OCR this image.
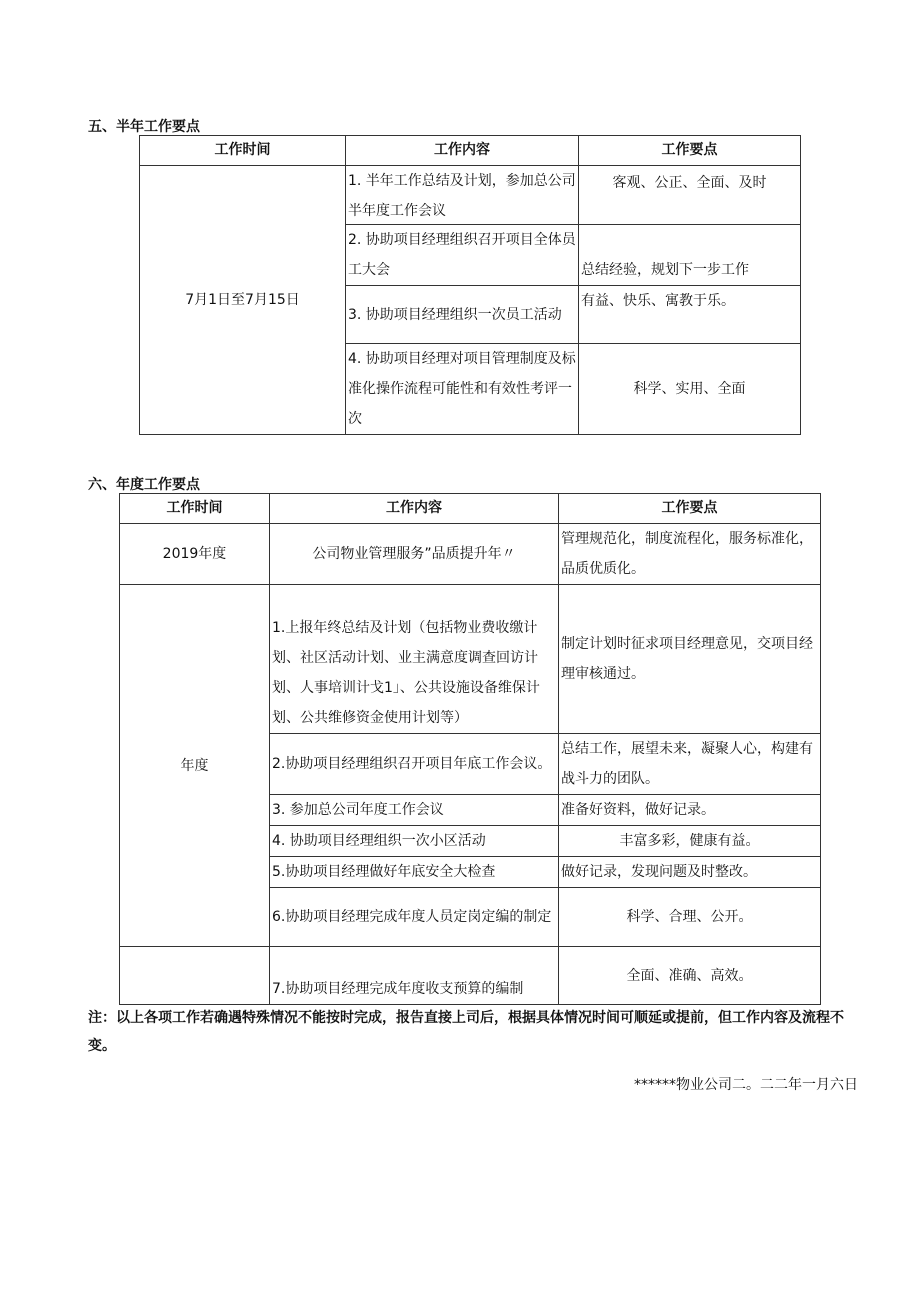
五、半年工作要点
工作时间	工作内容	工作要点
7月1日至7月15日	1. 半年工作总结及计划，参加总公司半年度工作会议	客观、公正、全面、及时
	2. 协助项目经理组织召开项目全体员工大会	总结经验，规划下一步工作
	3. 协助项目经理组织一次员工活动	有益、快乐、寓教于乐。
	4. 协助项目经理对项目管理制度及标准化操作流程可能性和有效性考评一次	科学、实用、全面
六、年度工作要点
工作时间	工作内容	工作要点
2019年度	公司物业管理服务”品质提升年〃	管理规范化，制度流程化，服务标准化，品质优质化。
年度	1.上报年终总结及计划（包括物业费收缴计划、社区活动计划、业主满意度调查回访计划、人事培训计戈1」、公共设施设备维保计划、公共维修资金使用计划等）	制定计划时征求项目经理意见，交项目经理审核通过。
	2.协助项目经理组织召开项目年底工作会议。	总结工作，展望未来，凝聚人心，构建有战斗力的团队。
	3. 参加总公司年度工作会议	准备好资料，做好记录。
	4. 协助项目经理组织一次小区活动	丰富多彩，健康有益。
	5.协助项目经理做好年底安全大检查	做好记录，发现问题及时整改。
	6.协助项目经理完成年度人员定岗定编的制定	科学、合理、公开。
	7.协助项目经理完成年度收支预算的编制	全面、准确、高效。
注：以上各项工作若确遇特殊情况不能按时完成，报告直接上司后，根据具体情况时间可顺延或提前，但工作内容及流程不变。
******物业公司二。二二年一月六日
